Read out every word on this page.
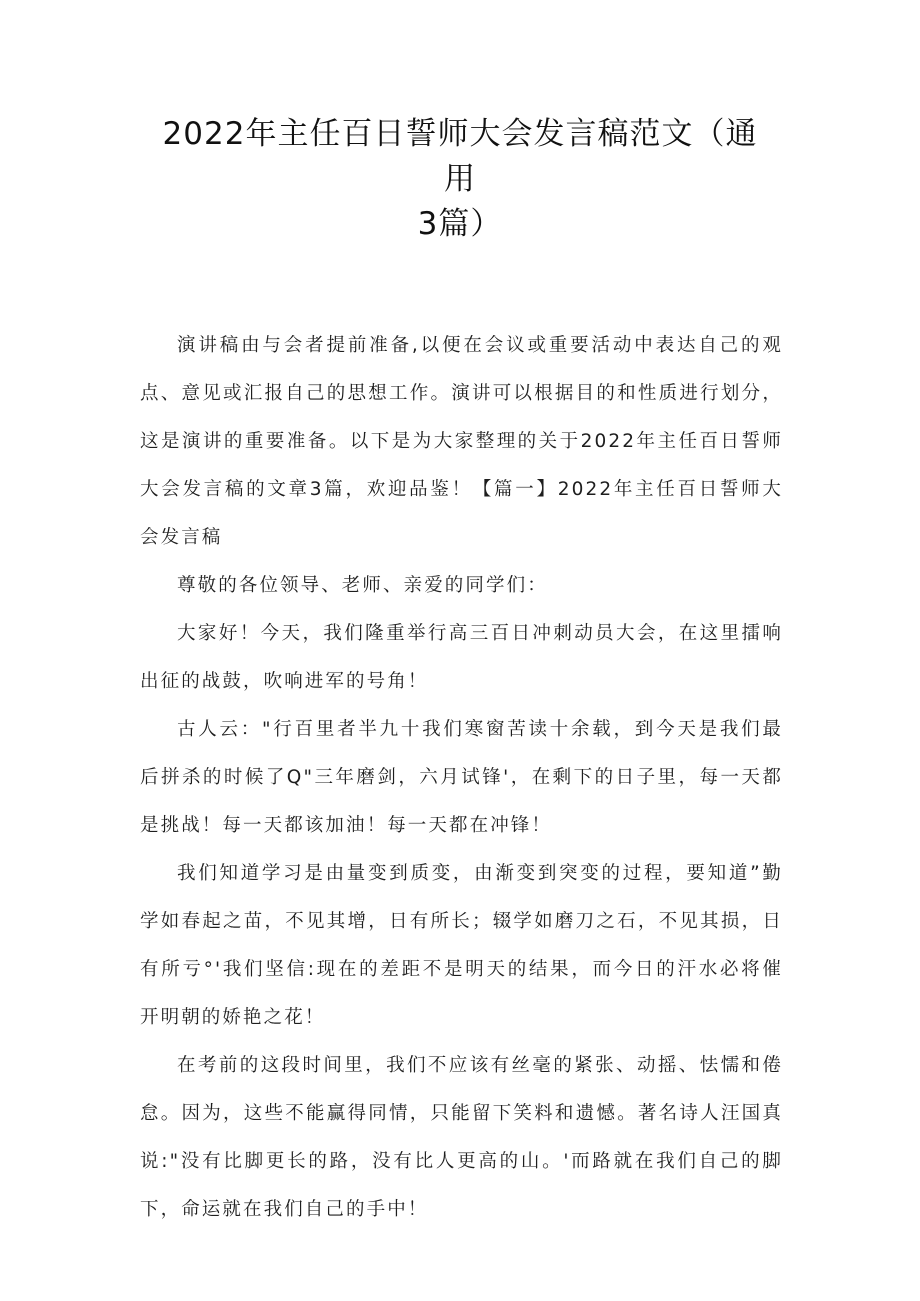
2022年主任百日誓师大会发言稿范文（通
用
3篇）

演讲稿由与会者提前准备,以便在会议或重要活动中表达自己的观点、意见或汇报自己的思想工作。演讲可以根据目的和性质进行划分，这是演讲的重要准备。以下是为大家整理的关于2022年主任百日誓师大会发言稿的文章3篇，欢迎品鉴！【篇一】2022年主任百日誓师大会发言稿

尊敬的各位领导、老师、亲爱的同学们：

大家好！今天，我们隆重举行高三百日冲刺动员大会，在这里擂响出征的战鼓，吹响进军的号角！

古人云："行百里者半九十我们寒窗苦读十余载，到今天是我们最后拼杀的时候了Q"三年磨剑，六月试锋'，在剩下的日子里，每一天都是挑战！每一天都该加油！每一天都在冲锋！

我们知道学习是由量变到质变，由渐变到突变的过程，要知道”勤学如春起之苗，不见其增，日有所长；辍学如磨刀之石，不见其损，日有所亏°'我们坚信:现在的差距不是明天的结果，而今日的汗水必将催开明朝的娇艳之花！

在考前的这段时间里，我们不应该有丝毫的紧张、动摇、怯懦和倦怠。因为，这些不能赢得同情，只能留下笑料和遗憾。著名诗人汪国真说:"没有比脚更长的路，没有比人更高的山。'而路就在我们自己的脚下，命运就在我们自己的手中！
